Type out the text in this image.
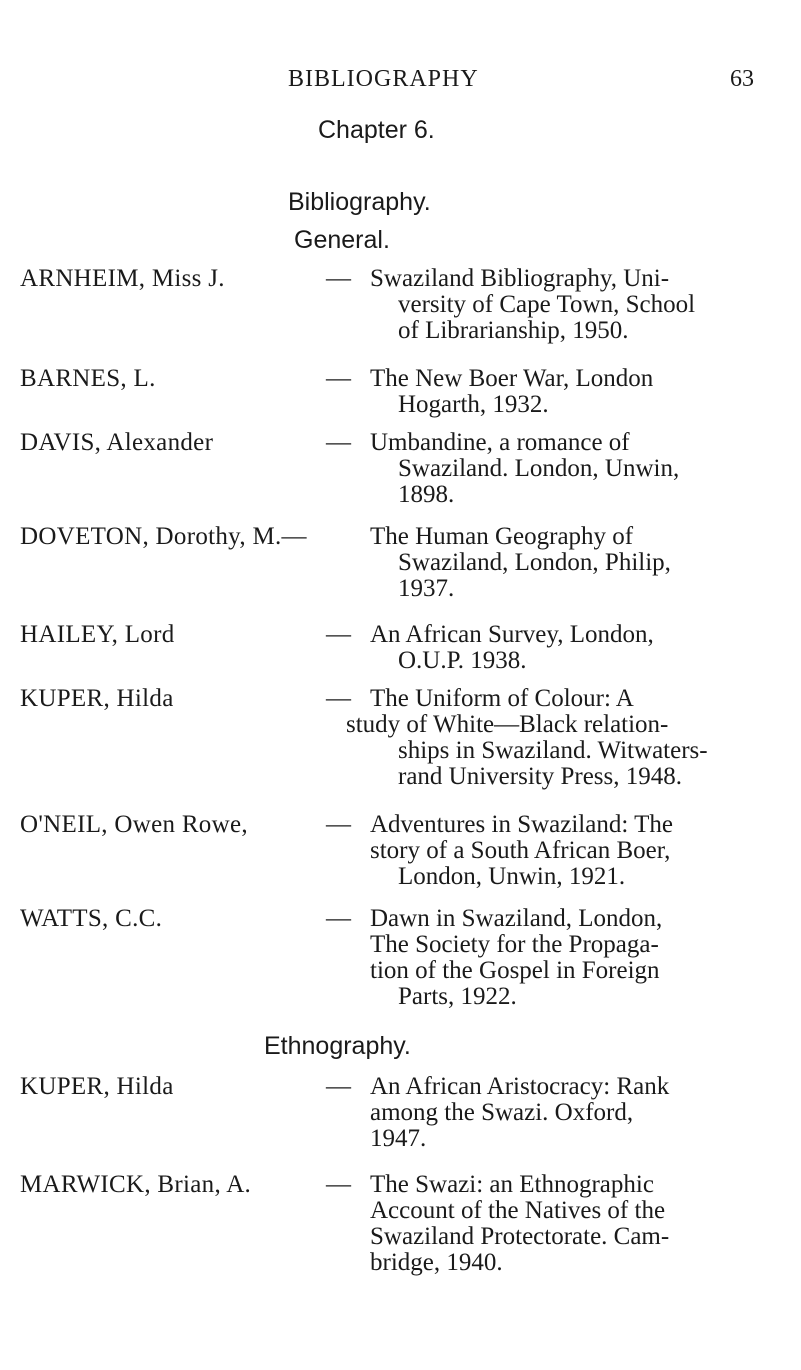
BIBLIOGRAPHY	63
Chapter 6.
Bibliography.
General.
ARNHEIM, Miss J.	— Swaziland Bibliography, Uni-
versity of Cape Town, School
of Librarianship, 1950.
BARNES, L.	— The New Boer War, London
Hogarth, 1932.
DAVIS, Alexander	— Umbandine, a romance of
Swaziland. London, Unwin,
1898.
DOVETON, Dorothy, M.—	The Human Geography of
Swaziland, London, Philip,
1937.
HAILEY, Lord	— An African Survey, London,
O.U.P. 1938.
KUPER, Hilda	— The Uniform of Colour: A
study of White—Black relation-
ships in Swaziland. Witwaters-
rand University Press, 1948.
O'NEIL, Owen Rowe,	— Adventures in Swaziland: The
story of a South African Boer,
London, Unwin, 1921.
WATTS, C.C.	— Dawn in Swaziland, London,
The Society for the Propaga-
tion of the Gospel in Foreign
Parts, 1922.
Ethnography.
KUPER, Hilda	— An African Aristocracy: Rank
among the Swazi. Oxford,
1947.
MARWICK, Brian, A.	— The Swazi: an Ethnographic
Account of the Natives of the
Swaziland Protectorate. Cam-
bridge, 1940.
